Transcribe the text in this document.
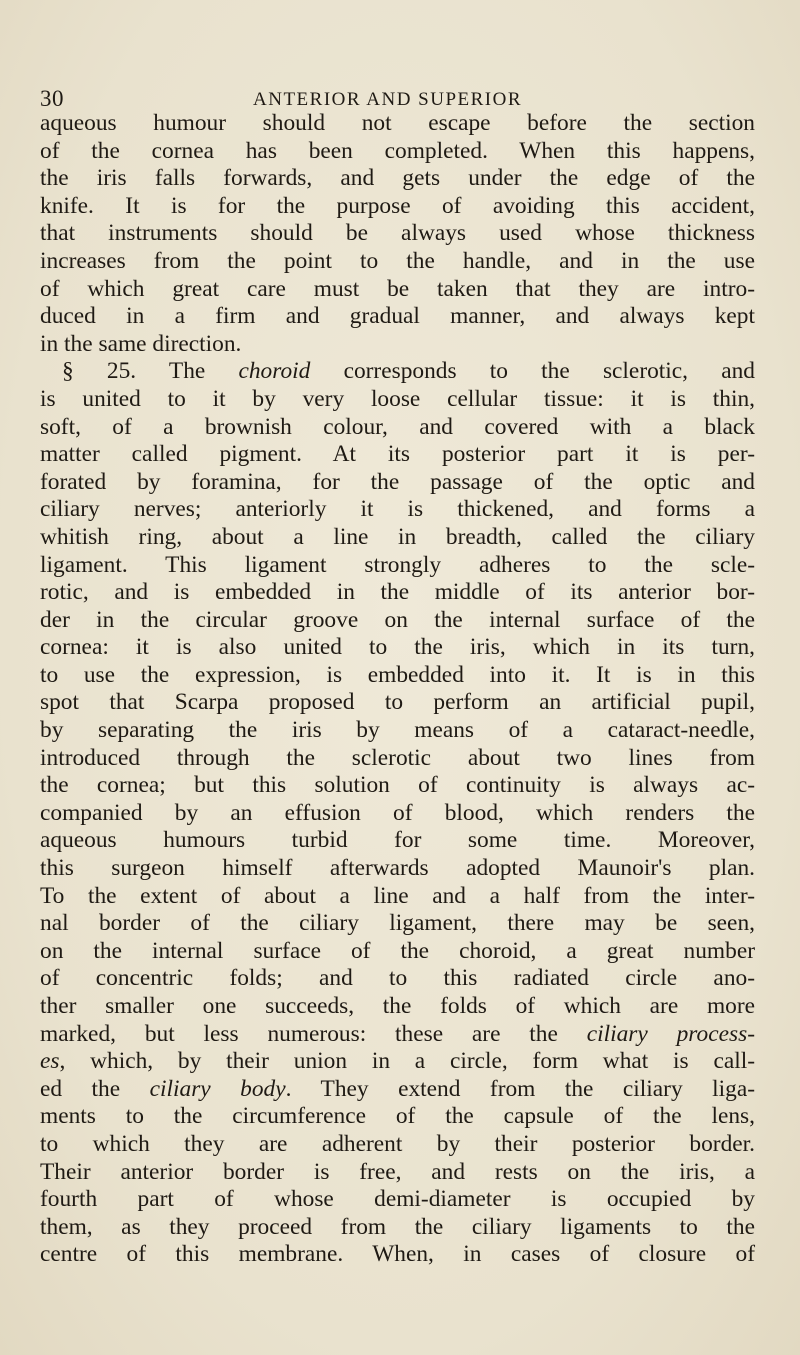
30	ANTERIOR AND SUPERIOR
aqueous humour should not escape before the section
of the cornea has been completed. When this happens,
the iris falls forwards, and gets under the edge of the
knife. It is for the purpose of avoiding this accident,
that instruments should be always used whose thickness
increases from the point to the handle, and in the use
of which great care must be taken that they are intro-
duced in a firm and gradual manner, and always kept
in the same direction.
§ 25. The choroid corresponds to the sclerotic, and
is united to it by very loose cellular tissue: it is thin,
soft, of a brownish colour, and covered with a black
matter called pigment. At its posterior part it is per-
forated by foramina, for the passage of the optic and
ciliary nerves; anteriorly it is thickened, and forms a
whitish ring, about a line in breadth, called the ciliary
ligament. This ligament strongly adheres to the scle-
rotic, and is embedded in the middle of its anterior bor-
der in the circular groove on the internal surface of the
cornea: it is also united to the iris, which in its turn,
to use the expression, is embedded into it. It is in this
spot that Scarpa proposed to perform an artificial pupil,
by separating the iris by means of a cataract-needle,
introduced through the sclerotic about two lines from
the cornea; but this solution of continuity is always ac-
companied by an effusion of blood, which renders the
aqueous humours turbid for some time. Moreover,
this surgeon himself afterwards adopted Maunoir's plan.
To the extent of about a line and a half from the inter-
nal border of the ciliary ligament, there may be seen,
on the internal surface of the choroid, a great number
of concentric folds; and to this radiated circle ano-
ther smaller one succeeds, the folds of which are more
marked, but less numerous: these are the ciliary process-
es, which, by their union in a circle, form what is call-
ed the ciliary body. They extend from the ciliary liga-
ments to the circumference of the capsule of the lens,
to which they are adherent by their posterior border.
Their anterior border is free, and rests on the iris, a
fourth part of whose demi-diameter is occupied by
them, as they proceed from the ciliary ligaments to the
centre of this membrane. When, in cases of closure of
